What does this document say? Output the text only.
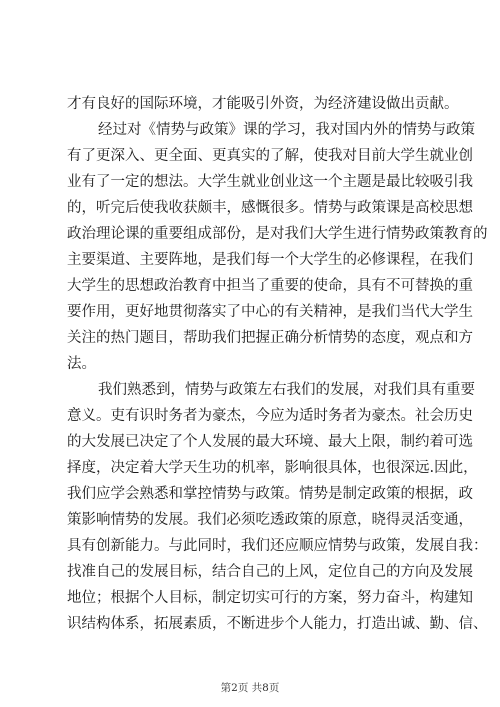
才有良好的国际环境，才能吸引外资，为经济建设做出贡献。
经过对《情势与政策》课的学习，我对国内外的情势与政策
有了更深入、更全面、更真实的了解，使我对目前大学生就业创
业有了一定的想法。大学生就业创业这一个主题是最比较吸引我
的，听完后使我收获颇丰，感慨很多。情势与政策课是高校思想
政治理论课的重要组成部份，是对我们大学生进行情势政策教育的
主要渠道、主要阵地，是我们每一个大学生的必修课程，在我们
大学生的思想政治教育中担当了重要的使命，具有不可替换的重
要作用，更好地贯彻落实了中心的有关精神，是我们当代大学生
关注的热门题目，帮助我们把握正确分析情势的态度，观点和方
法。
我们熟悉到，情势与政策左右我们的发展，对我们具有重要
意义。吏有识时务者为豪杰，今应为适时务者为豪杰。社会历史
的大发展已决定了个人发展的最大环境、最大上限，制约着可选
择度，决定着大学天生功的机率，影响很具体，也很深远.因此，
我们应学会熟悉和掌控情势与政策。情势是制定政策的根据，政
策影响情势的发展。我们必须吃透政策的原意，晓得灵活变通，
具有创新能力。与此同时，我们还应顺应情势与政策，发展自我：
找准自己的发展目标，结合自己的上风，定位自己的方向及发展
地位；根据个人目标，制定切实可行的方案，努力奋斗，构建知
识结构体系，拓展素质，不断进步个人能力，打造出诚、勤、信、
第2页 共8页
